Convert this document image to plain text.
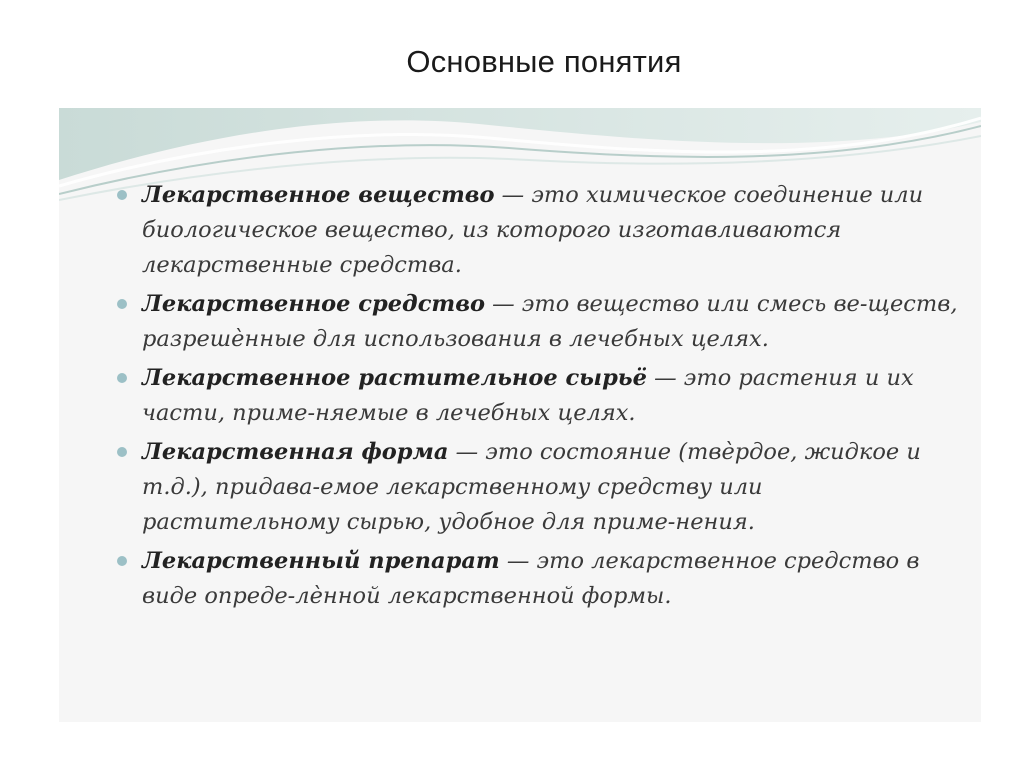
Основные понятия
Лекарственное вещество — это химическое соединение или биологическое вещество, из которого изготавливаются лекарственные средства.
Лекарственное средство — это вещество или смесь ве-ществ, разрешѐнные для использования в лечебных целях.
Лекарственное растительное сырьё — это растения и их части, приме-няемые в лечебных целях.
Лекарственная форма — это состояние (твѐрдое, жидкое и т.д.), придава-емое лекарственному средству или растительному сырью, удобное для приме-нения.
Лекарственный препарат — это лекарственное средство в виде опреде-лѐнной лекарственной формы.
